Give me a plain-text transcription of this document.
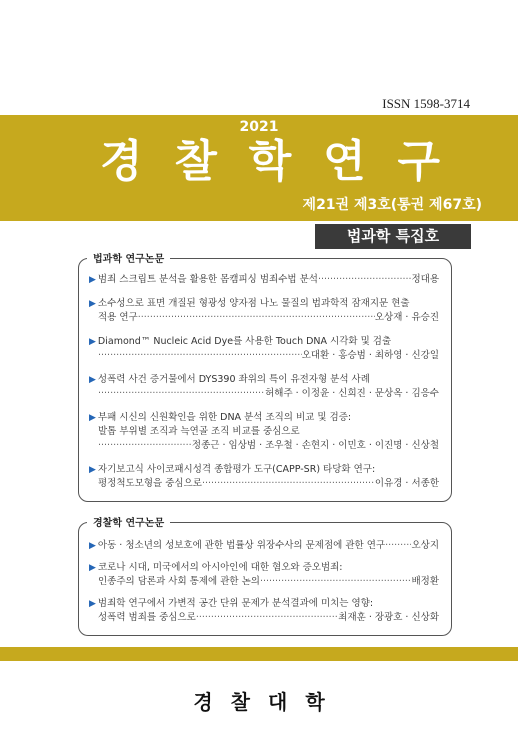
ISSN 1598-3714
2021
경 찰 학 연 구
제21권 제3호(통권 제67호)
법과학 특집호
법과학 연구논문
▶ 범죄 스크립트 분석을 활용한 몸캠피싱 범죄수법 분석 ·····	정대용
▶ 소수성으로 표면 개질된 형광성 양자점 나노 물질의 법과학적 잠재지문 현출
적용 연구 ·····	오상재 · 유승진
▶ Diamond™ Nucleic Acid Dye를 사용한 Touch DNA 시각화 및 검출
·····
오대환 · 홍승범 · 최하영 · 신강일
▶ 성폭력 사건 증거물에서 DYS390 좌위의 특이 유전자형 분석 사례
·····
허해주 · 이정윤 · 신희진 · 문상옥 · 김응수
▶ 부패 시신의 신원확인을 위한 DNA 분석 조직의 비교 및 검증:
발톱 부위별 조직과 늑연골 조직 비교를 중심으로
·····
정종근 · 임상범 · 조우철 · 손현지 · 이민호 · 이진명 · 신상철
▶ 자기보고식 사이코패시성격 종합평가 도구(CAPP-SR) 타당화 연구:
평정척도모형을 중심으로 ·····	이유경 · 서종한
경찰학 연구논문
▶ 아동 · 청소년의 성보호에 관한 법률상 위장수사의 문제점에 관한 연구 ·····	오상지
▶ 코로나 시대, 미국에서의 아시아인에 대한 혐오와 증오범죄:
인종주의 담론과 사회 통제에 관한 논의 ·····	배정환
▶ 범죄학 연구에서 가변적 공간 단위 문제가 분석결과에 미치는 영향:
성폭력 범죄를 중심으로 ·····	최재훈 · 장광호 · 신상화
경찰대학
